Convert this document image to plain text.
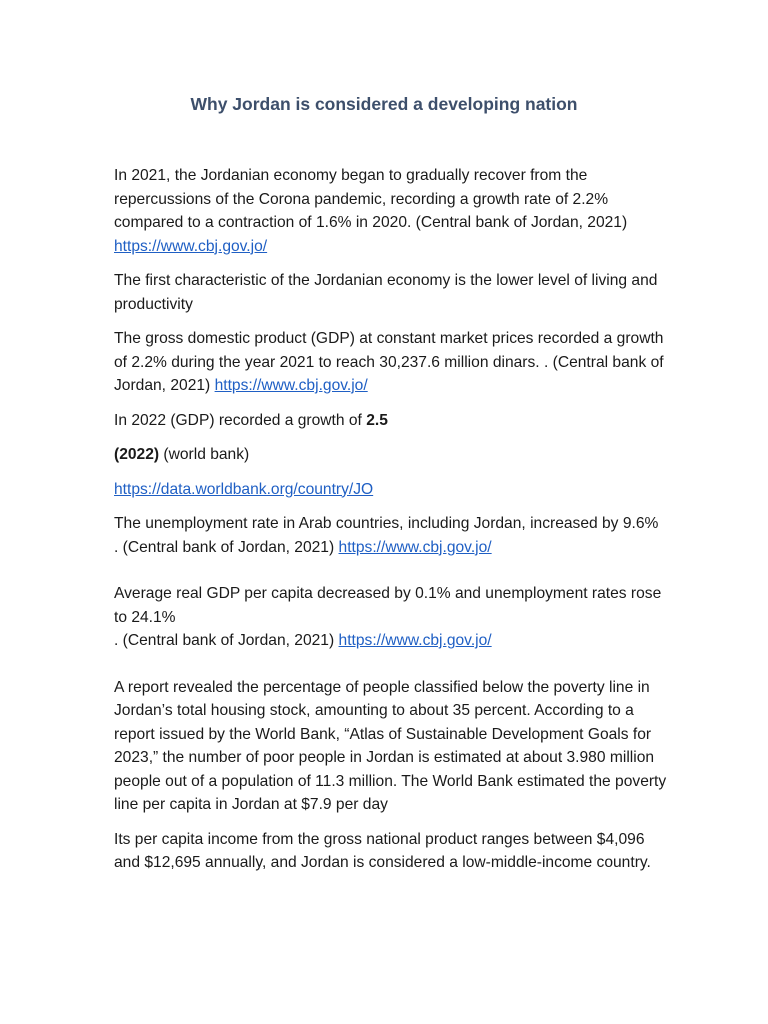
Why Jordan is considered a developing nation

In 2021, the Jordanian economy began to gradually recover from the repercussions of the Corona pandemic, recording a growth rate of 2.2% compared to a contraction of 1.6% in 2020. (Central bank of Jordan, 2021)
https://www.cbj.gov.jo/

The first characteristic of the Jordanian economy is the lower level of living and productivity

The gross domestic product (GDP) at constant market prices recorded a growth of 2.2% during the year 2021 to reach 30,237.6 million dinars. . (Central bank of Jordan, 2021) https://www.cbj.gov.jo/

In 2022 (GDP) recorded a growth of 2.5

(2022) (world bank)

https://data.worldbank.org/country/JO

The unemployment rate in Arab countries, including Jordan, increased by 9.6%
. (Central bank of Jordan, 2021) https://www.cbj.gov.jo/

Average real GDP per capita decreased by 0.1% and unemployment rates rose to 24.1%
. (Central bank of Jordan, 2021) https://www.cbj.gov.jo/

A report revealed the percentage of people classified below the poverty line in Jordan’s total housing stock, amounting to about 35 percent. According to a report issued by the World Bank, “Atlas of Sustainable Development Goals for 2023,” the number of poor people in Jordan is estimated at about 3.980 million people out of a population of 11.3 million. The World Bank estimated the poverty line per capita in Jordan at $7.9 per day

Its per capita income from the gross national product ranges between $4,096 and $12,695 annually, and Jordan is considered a low-middle-income country.
